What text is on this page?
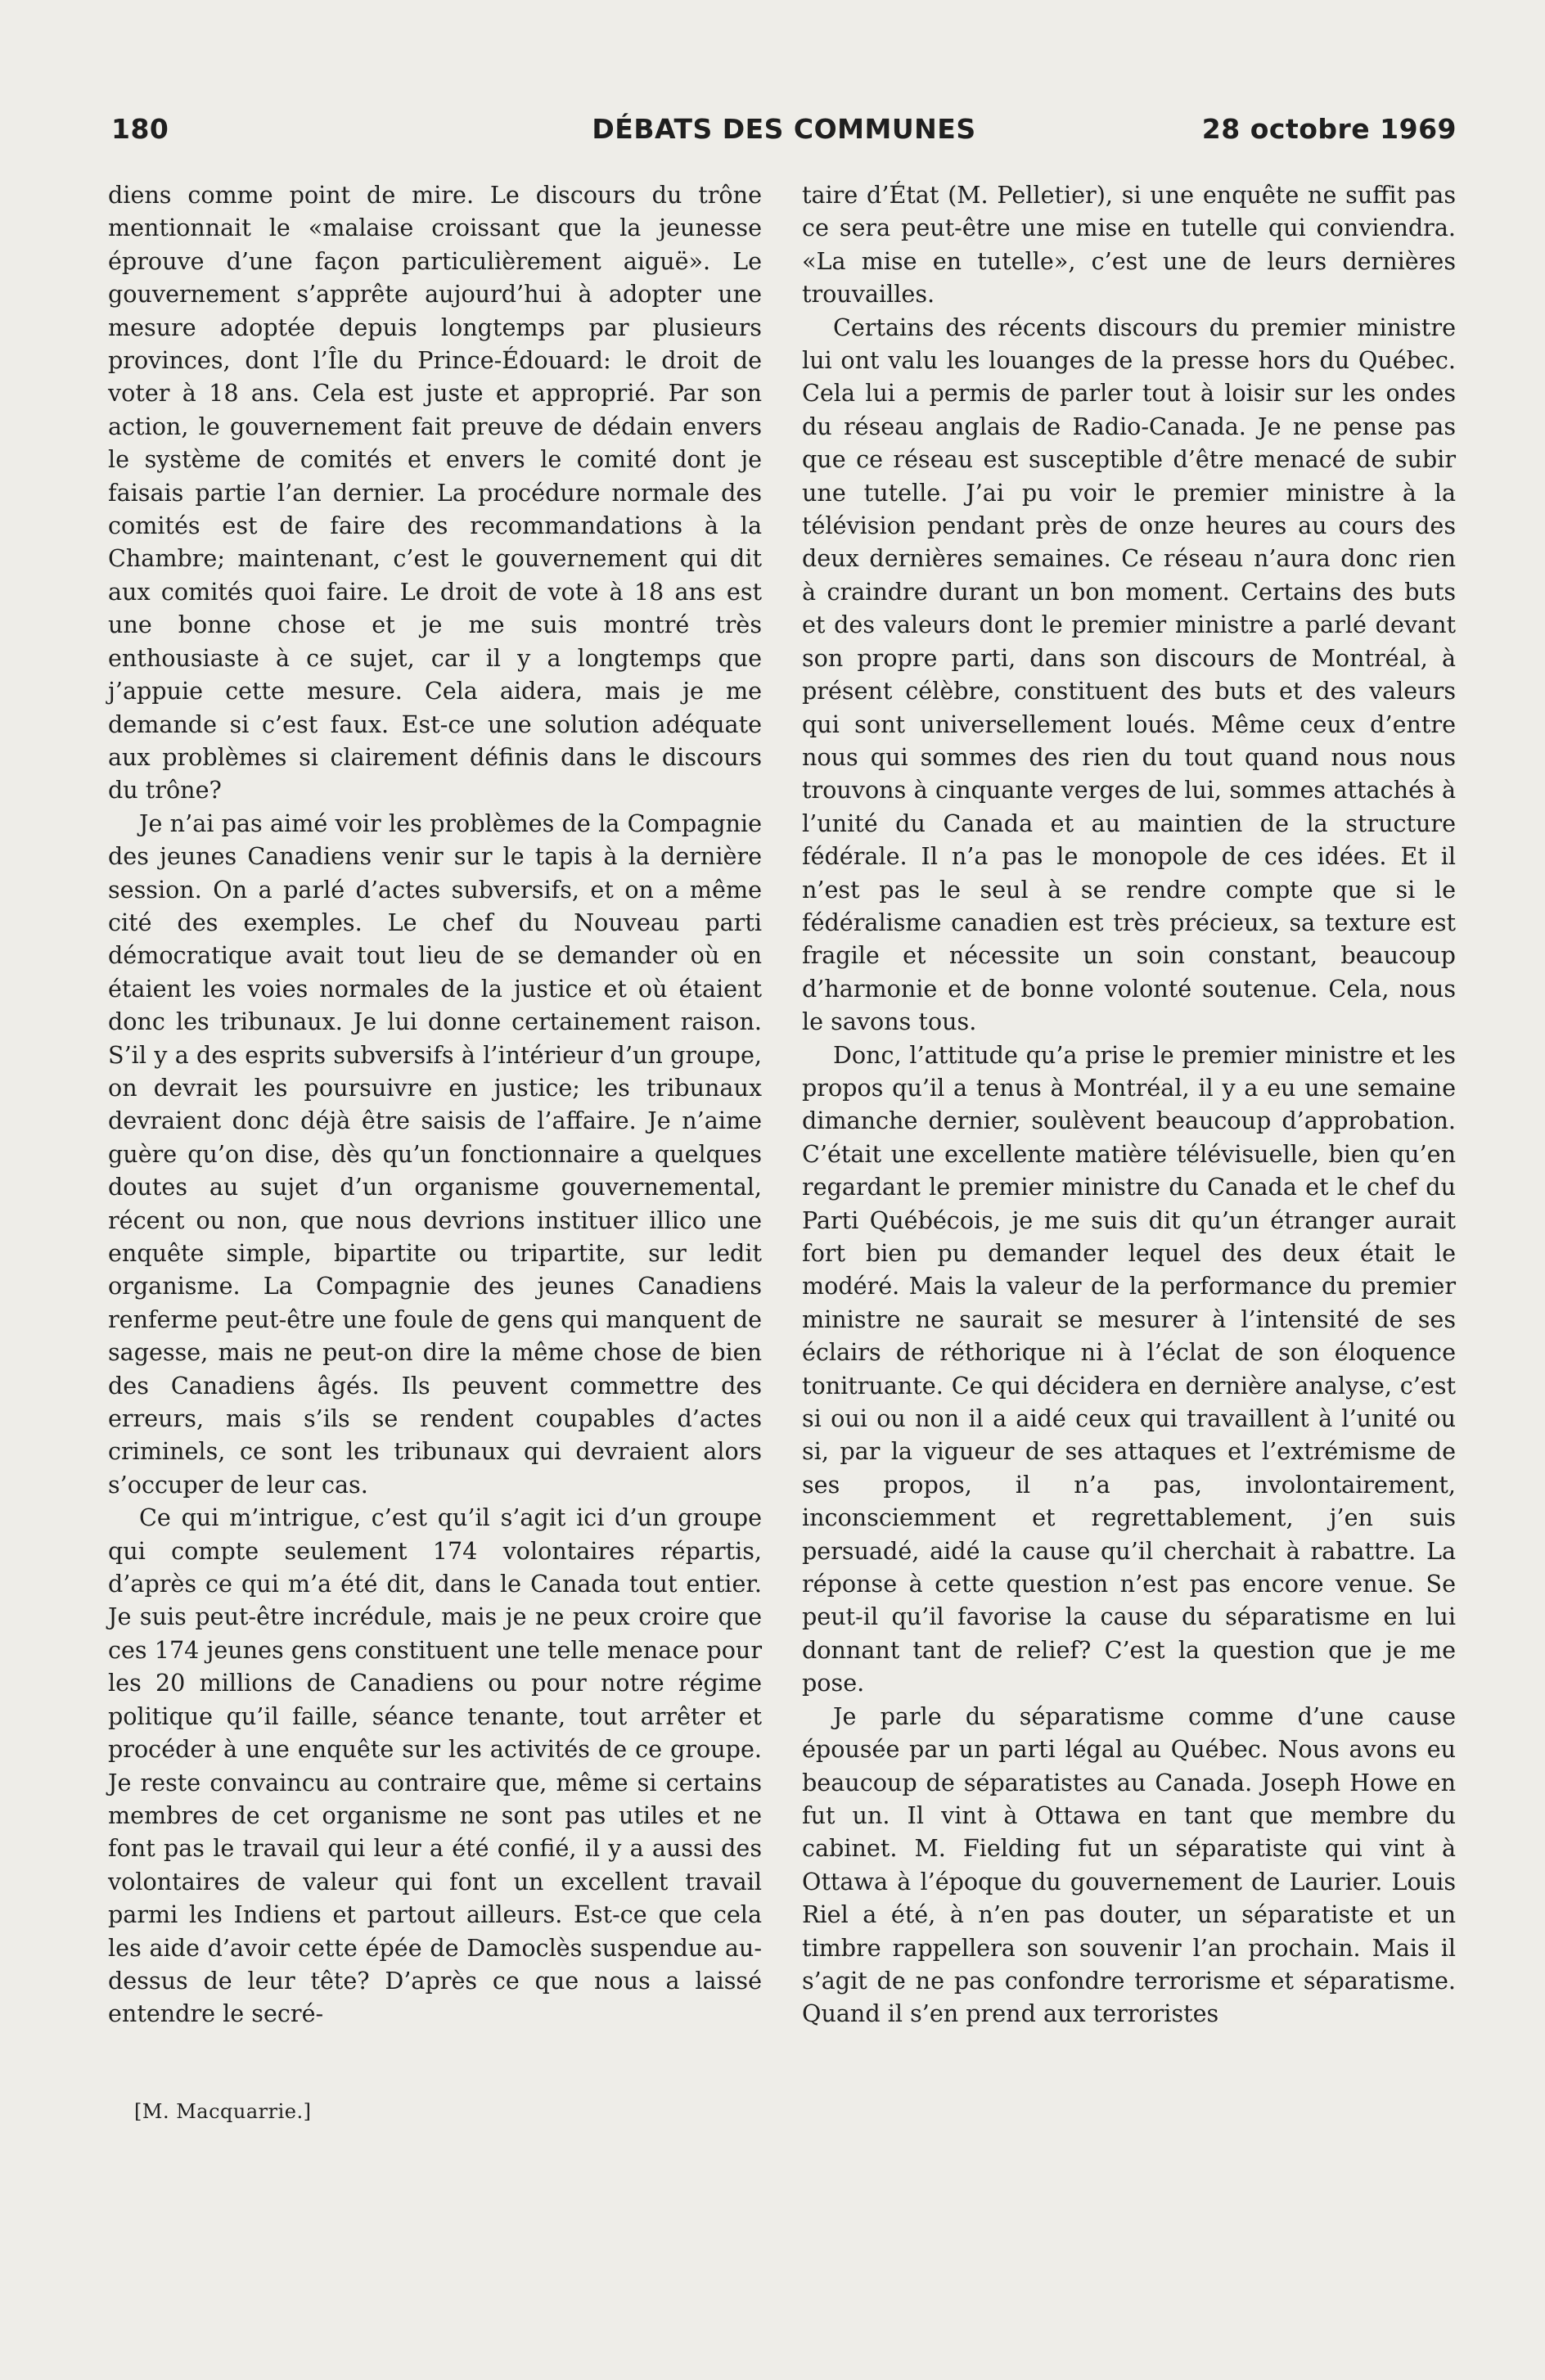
180	DÉBATS DES COMMUNES	28 octobre 1969

diens comme point de mire. Le discours du trône mentionnait le «malaise croissant que la jeunesse éprouve d’une façon particulièrement aiguë». Le gouvernement s’apprête aujourd’hui à adopter une mesure adoptée depuis longtemps par plusieurs provinces, dont l’Île du Prince-Édouard: le droit de voter à 18 ans. Cela est juste et approprié. Par son action, le gouvernement fait preuve de dédain envers le système de comités et envers le comité dont je faisais partie l’an dernier. La procédure normale des comités est de faire des recommandations à la Chambre; maintenant, c’est le gouvernement qui dit aux comités quoi faire. Le droit de vote à 18 ans est une bonne chose et je me suis montré très enthousiaste à ce sujet, car il y a longtemps que j’appuie cette mesure. Cela aidera, mais je me demande si c’est faux. Est-ce une solution adéquate aux problèmes si clairement définis dans le discours du trône?

Je n’ai pas aimé voir les problèmes de la Compagnie des jeunes Canadiens venir sur le tapis à la dernière session. On a parlé d’actes subversifs, et on a même cité des exemples. Le chef du Nouveau parti démocratique avait tout lieu de se demander où en étaient les voies normales de la justice et où étaient donc les tribunaux. Je lui donne certainement raison. S’il y a des esprits subversifs à l’intérieur d’un groupe, on devrait les poursuivre en justice; les tribunaux devraient donc déjà être saisis de l’affaire. Je n’aime guère qu’on dise, dès qu’un fonctionnaire a quelques doutes au sujet d’un organisme gouvernemental, récent ou non, que nous devrions instituer illico une enquête simple, bipartite ou tripartite, sur ledit organisme. La Compagnie des jeunes Canadiens renferme peut-être une foule de gens qui manquent de sagesse, mais ne peut-on dire la même chose de bien des Canadiens âgés. Ils peuvent commettre des erreurs, mais s’ils se rendent coupables d’actes criminels, ce sont les tribunaux qui devraient alors s’occuper de leur cas.

Ce qui m’intrigue, c’est qu’il s’agit ici d’un groupe qui compte seulement 174 volontaires répartis, d’après ce qui m’a été dit, dans le Canada tout entier. Je suis peut-être incrédule, mais je ne peux croire que ces 174 jeunes gens constituent une telle menace pour les 20 millions de Canadiens ou pour notre régime politique qu’il faille, séance tenante, tout arrêter et procéder à une enquête sur les activités de ce groupe. Je reste convaincu au contraire que, même si certains membres de cet organisme ne sont pas utiles et ne font pas le travail qui leur a été confié, il y a aussi des volontaires de valeur qui font un excellent travail parmi les Indiens et partout ailleurs. Est-ce que cela les aide d’avoir cette épée de Damoclès suspendue au-dessus de leur tête? D’après ce que nous a laissé entendre le secré-

taire d’État (M. Pelletier), si une enquête ne suffit pas ce sera peut-être une mise en tutelle qui conviendra. «La mise en tutelle», c’est une de leurs dernières trouvailles.

Certains des récents discours du premier ministre lui ont valu les louanges de la presse hors du Québec. Cela lui a permis de parler tout à loisir sur les ondes du réseau anglais de Radio-Canada. Je ne pense pas que ce réseau est susceptible d’être menacé de subir une tutelle. J’ai pu voir le premier ministre à la télévision pendant près de onze heures au cours des deux dernières semaines. Ce réseau n’aura donc rien à craindre durant un bon moment. Certains des buts et des valeurs dont le premier ministre a parlé devant son propre parti, dans son discours de Montréal, à présent célèbre, constituent des buts et des valeurs qui sont universellement loués. Même ceux d’entre nous qui sommes des rien du tout quand nous nous trouvons à cinquante verges de lui, sommes attachés à l’unité du Canada et au maintien de la structure fédérale. Il n’a pas le monopole de ces idées. Et il n’est pas le seul à se rendre compte que si le fédéralisme canadien est très précieux, sa texture est fragile et nécessite un soin constant, beaucoup d’harmonie et de bonne volonté soutenue. Cela, nous le savons tous.

Donc, l’attitude qu’a prise le premier ministre et les propos qu’il a tenus à Montréal, il y a eu une semaine dimanche dernier, soulèvent beaucoup d’approbation. C’était une excellente matière télévisuelle, bien qu’en regardant le premier ministre du Canada et le chef du Parti Québécois, je me suis dit qu’un étranger aurait fort bien pu demander lequel des deux était le modéré. Mais la valeur de la performance du premier ministre ne saurait se mesurer à l’intensité de ses éclairs de réthorique ni à l’éclat de son éloquence tonitruante. Ce qui décidera en dernière analyse, c’est si oui ou non il a aidé ceux qui travaillent à l’unité ou si, par la vigueur de ses attaques et l’extrémisme de ses propos, il n’a pas, involontairement, inconsciemment et regrettablement, j’en suis persuadé, aidé la cause qu’il cherchait à rabattre. La réponse à cette question n’est pas encore venue. Se peut-il qu’il favorise la cause du séparatisme en lui donnant tant de relief? C’est la question que je me pose.

Je parle du séparatisme comme d’une cause épousée par un parti légal au Québec. Nous avons eu beaucoup de séparatistes au Canada. Joseph Howe en fut un. Il vint à Ottawa en tant que membre du cabinet. M. Fielding fut un séparatiste qui vint à Ottawa à l’époque du gouvernement de Laurier. Louis Riel a été, à n’en pas douter, un séparatiste et un timbre rappellera son souvenir l’an prochain. Mais il s’agit de ne pas confondre terrorisme et séparatisme. Quand il s’en prend aux terroristes

[M. Macquarrie.]
